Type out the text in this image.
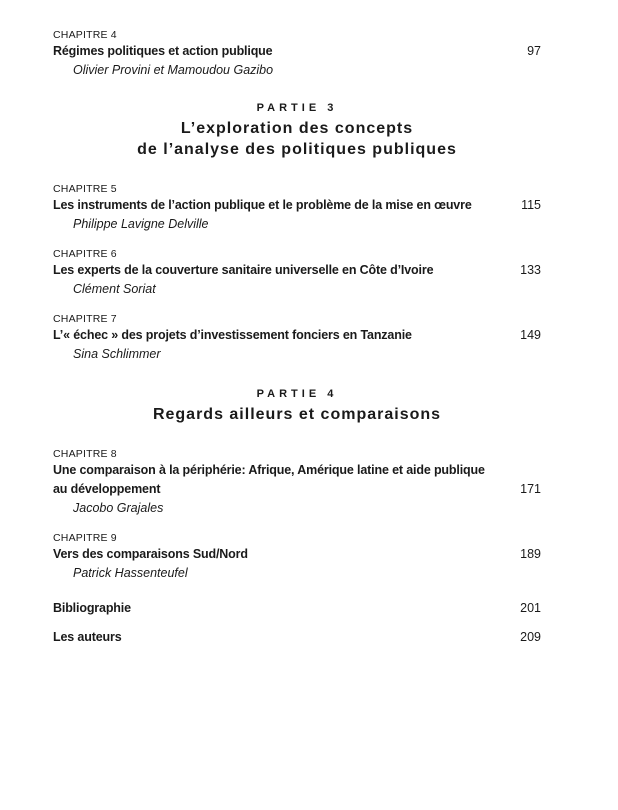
CHAPITRE 4
Régimes politiques et action publique	97
Olivier Provini et Mamoudou Gazibo
PARTIE 3
L’exploration des concepts
de l’analyse des politiques publiques
CHAPITRE 5
Les instruments de l’action publique et le problème de la mise en œuvre	115
Philippe Lavigne Delville
CHAPITRE 6
Les experts de la couverture sanitaire universelle en Côte d’Ivoire	133
Clément Soriat
CHAPITRE 7
L’« échec » des projets d’investissement fonciers en Tanzanie	149
Sina Schlimmer
PARTIE 4
Regards ailleurs et comparaisons
CHAPITRE 8
Une comparaison à la périphérie: Afrique, Amérique latine et aide publique
au développement	171
Jacobo Grajales
CHAPITRE 9
Vers des comparaisons Sud/Nord	189
Patrick Hassenteufel
Bibliographie	201
Les auteurs	209
